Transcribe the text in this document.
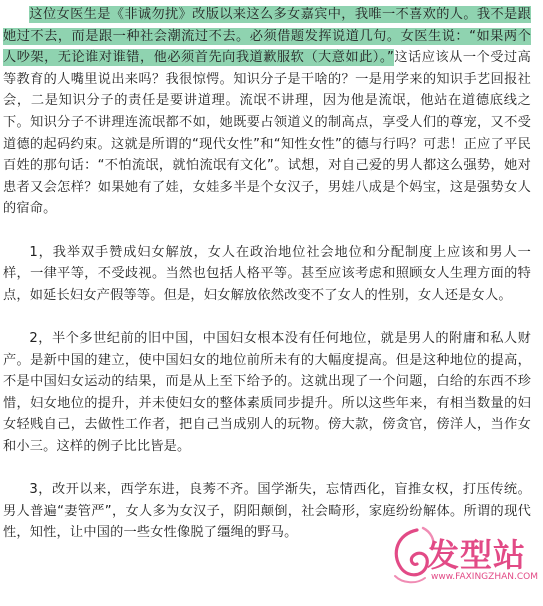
这位女医生是《非诚勿扰》改版以来这么多女嘉宾中，我唯一不喜欢的人。我不是跟她过不去，而是跟一种社会潮流过不去。必须借题发挥说道几句。女医生说：“如果两个人吵架，无论谁对谁错，他必须首先向我道歉服软（大意如此）。”这话应该从一个受过高等教育的人嘴里说出来吗？我很惊愕。知识分子是干啥的？一是用学来的知识手艺回报社会，二是知识分子的责任是要讲道理。流氓不讲理，因为他是流氓，他站在道德底线之下。知识分子不讲理连流氓都不如，她既要占领道义的制高点，享受人们的尊宠，又不受道德的起码约束。这就是所谓的“现代女性”和“知性女性”的德与行吗？可悲！正应了平民百姓的那句话：“不怕流氓，就怕流氓有文化”。试想，对自己爱的男人都这么强势，她对患者又会怎样？如果她有了娃，女娃多半是个女汉子，男娃八成是个妈宝，这是强势女人的宿命。

1，我举双手赞成妇女解放，女人在政治地位社会地位和分配制度上应该和男人一样，一律平等，不受歧视。当然也包括人格平等。甚至应该考虑和照顾女人生理方面的特点，如延长妇女产假等等。但是，妇女解放依然改变不了女人的性别，女人还是女人。

2，半个多世纪前的旧中国，中国妇女根本没有任何地位，就是男人的附庸和私人财产。是新中国的建立，使中国妇女的地位前所未有的大幅度提高。但是这种地位的提高，不是中国妇女运动的结果，而是从上至下给予的。这就出现了一个问题，白给的东西不珍惜，妇女地位的提升，并未使妇女的整体素质同步提升。所以这些年来，有相当数量的妇女轻贱自己，去做性工作者，把自己当成别人的玩物。傍大款，傍贪官，傍洋人，当作女和小三。这样的例子比比皆是。

3，改开以来，西学东进，良莠不齐。国学渐失，忘情西化，盲推女权，打压传统。男人普遍“妻管严”，女人多为女汉子，阴阳颠倒，社会畸形，家庭纷纷解体。所谓的现代性，知性，让中国的一些女性像脱了缰绳的野马。

发型站
www.FAXINGZHAN.COM
